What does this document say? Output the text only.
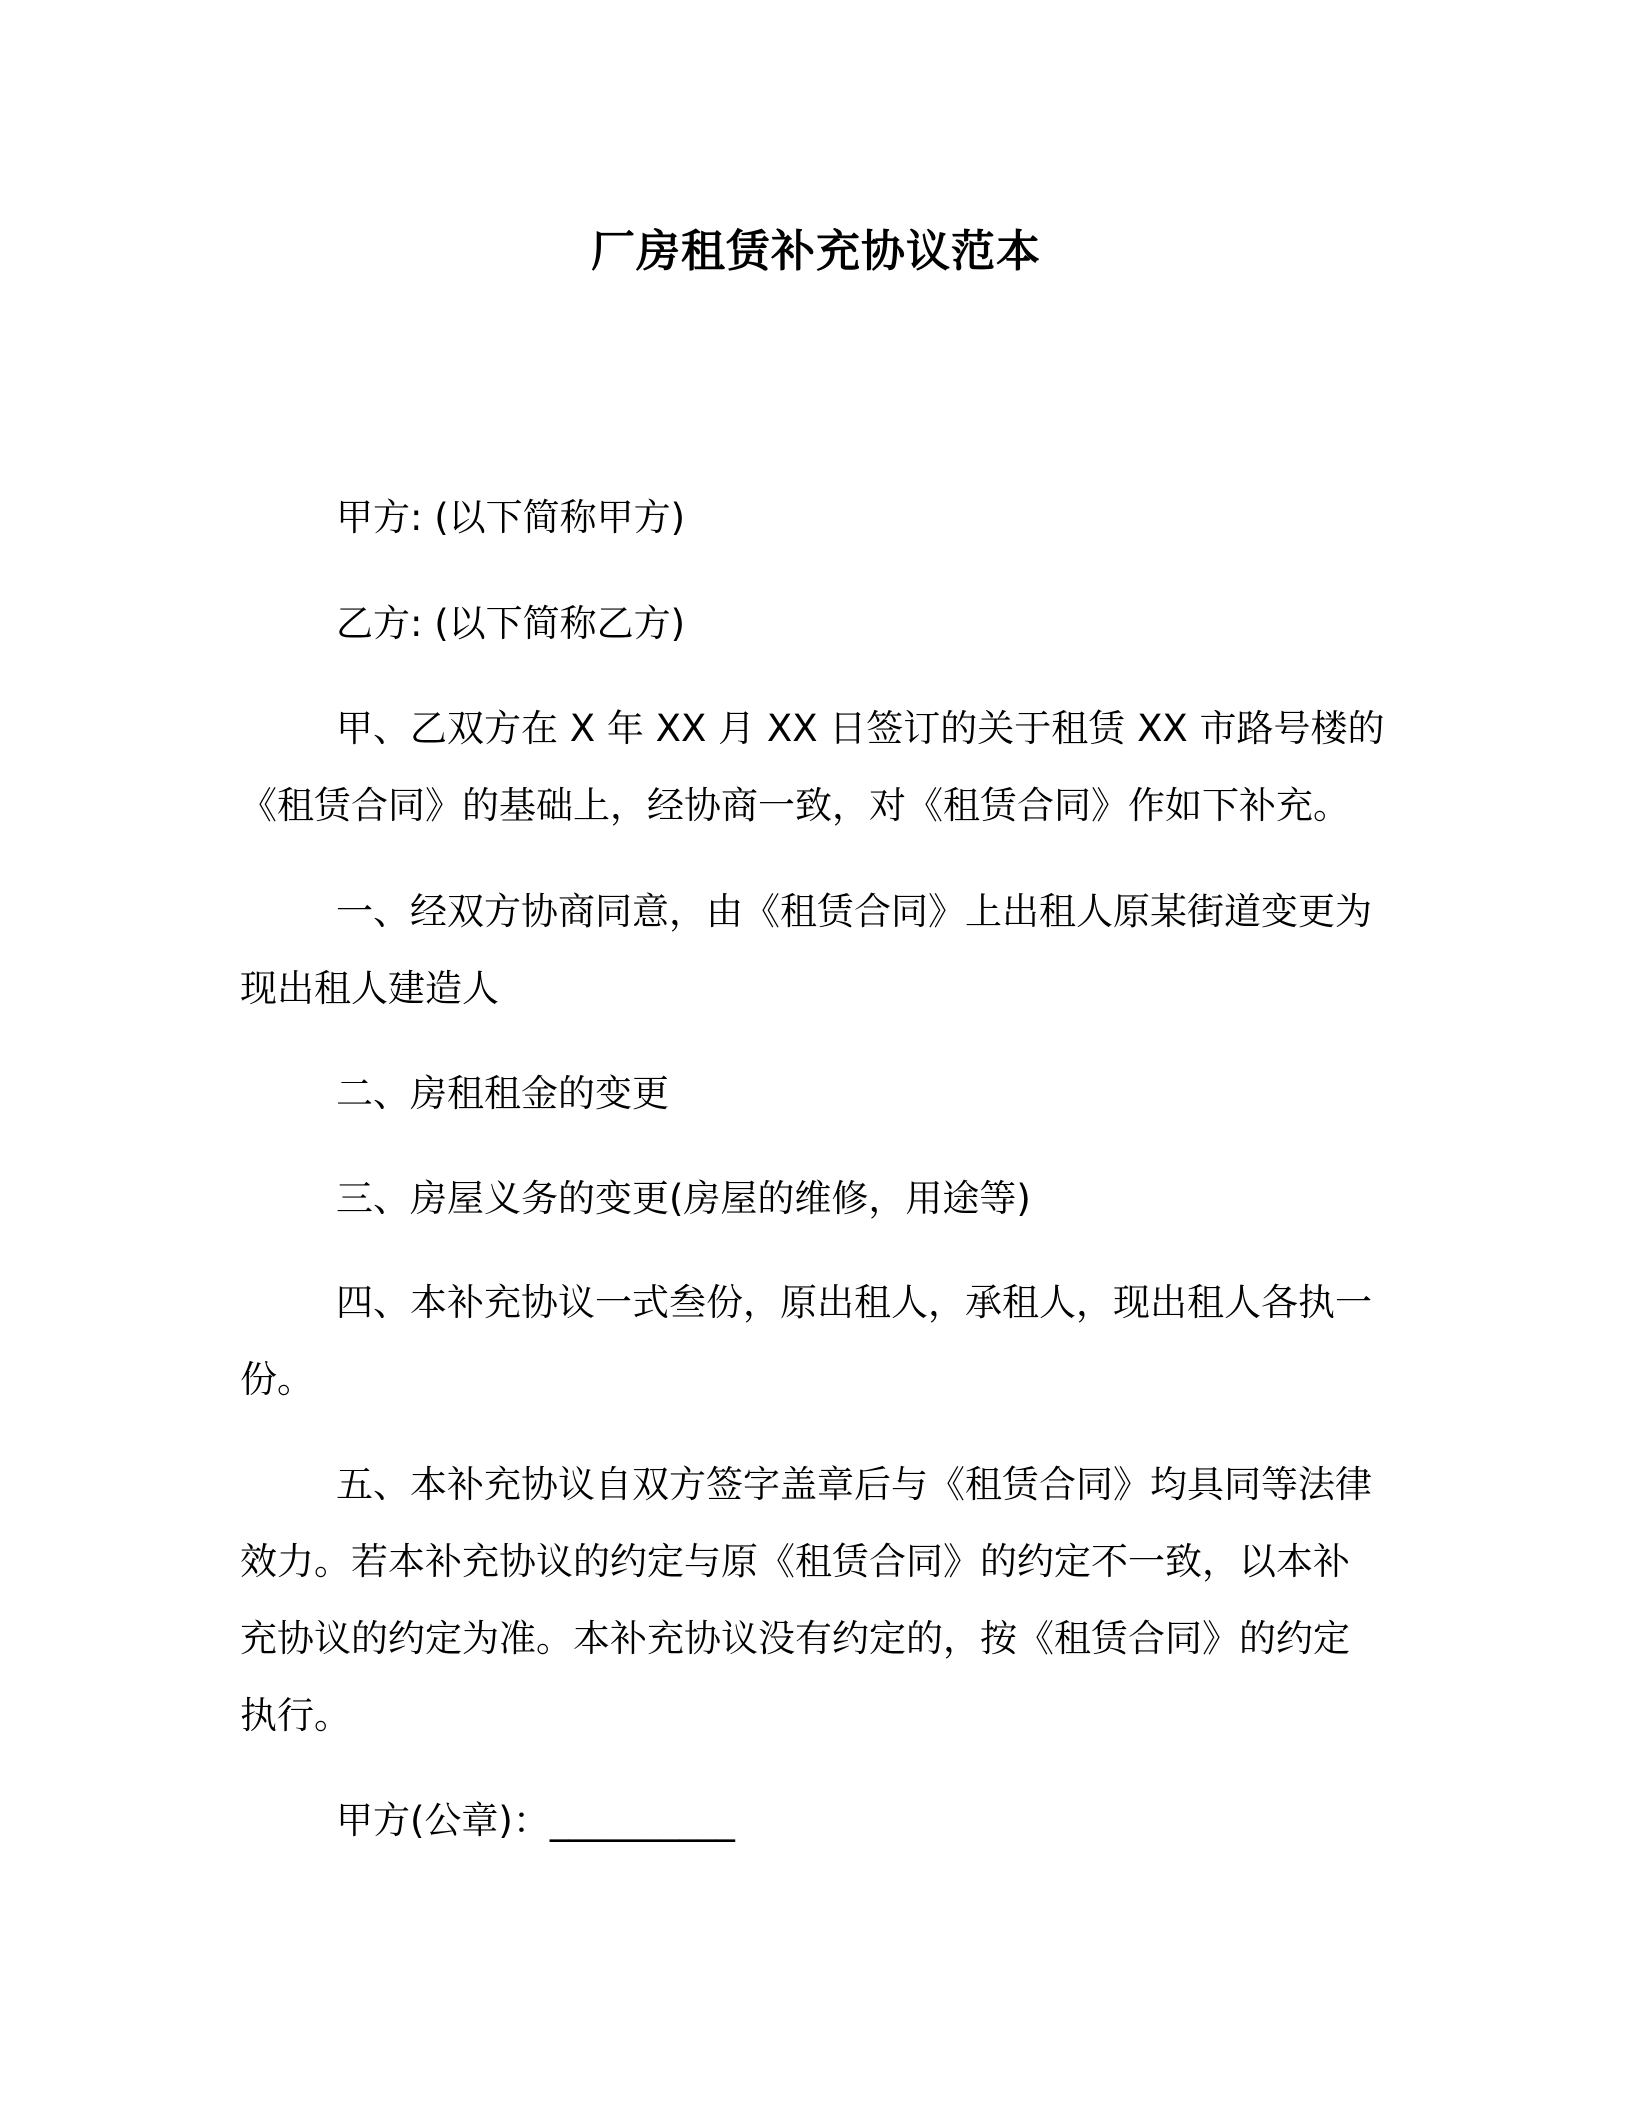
厂房租赁补充协议范本

甲方: (以下简称甲方)

乙方: (以下简称乙方)

甲、乙双方在 X 年 XX 月 XX 日签订的关于租赁 XX 市路号楼的
《租赁合同》的基础上，经协商一致，对《租赁合同》作如下补充。

一、经双方协商同意，由《租赁合同》上出租人原某街道变更为
现出租人建造人

二、房租租金的变更

三、房屋义务的变更(房屋的维修，用途等)

四、本补充协议一式叁份，原出租人，承租人，现出租人各执一
份。

五、本补充协议自双方签字盖章后与《租赁合同》均具同等法律
效力。若本补充协议的约定与原《租赁合同》的约定不一致，以本补
充协议的约定为准。本补充协议没有约定的，按《租赁合同》的约定
执行。

甲方(公章)：__________
